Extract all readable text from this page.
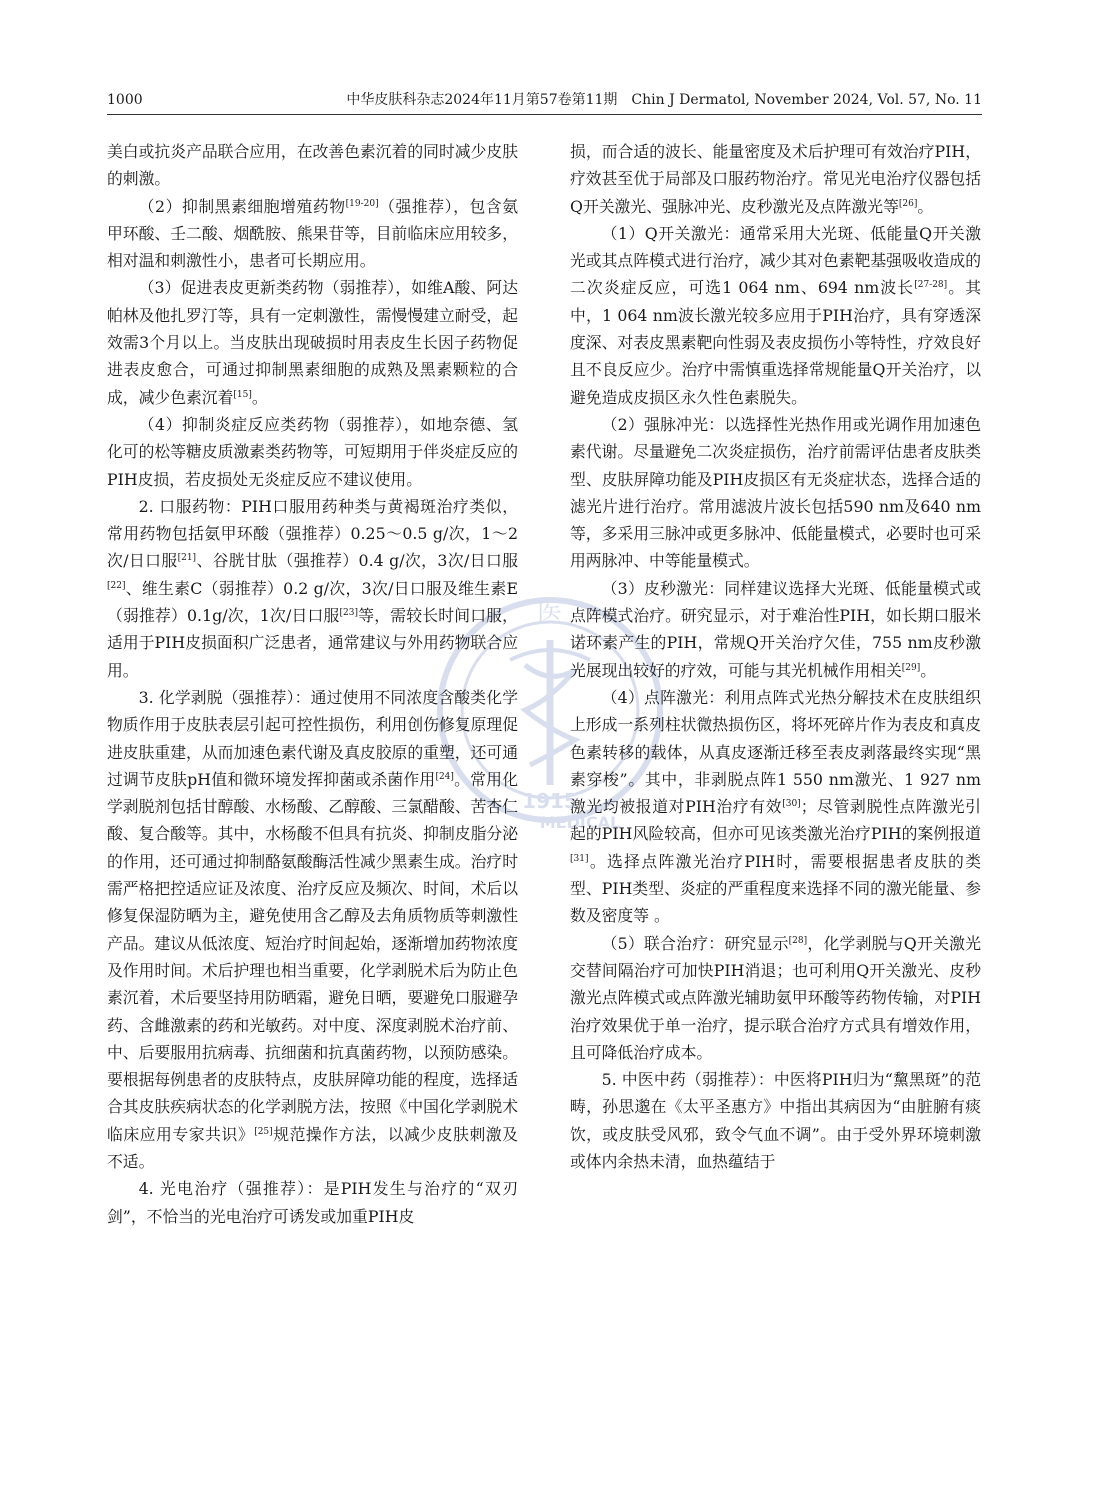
1000	中华皮肤科杂志2024年11月第57卷第11期　Chin J Dermatol, November 2024, Vol. 57, No. 11
医
1915
MEDICAL

美白或抗炎产品联合应用，在改善色素沉着的同时减少皮肤的刺激。

（2）抑制黑素细胞增殖药物[19-20]（强推荐），包含氨甲环酸、壬二酸、烟酰胺、熊果苷等，目前临床应用较多，相对温和刺激性小，患者可长期应用。

（3）促进表皮更新类药物（弱推荐），如维A酸、阿达帕林及他扎罗汀等，具有一定刺激性，需慢慢建立耐受，起效需3个月以上。当皮肤出现破损时用表皮生长因子药物促进表皮愈合，可通过抑制黑素细胞的成熟及黑素颗粒的合成，减少色素沉着[15]。

（4）抑制炎症反应类药物（弱推荐），如地奈德、氢化可的松等糖皮质激素类药物等，可短期用于伴炎症反应的PIH皮损，若皮损处无炎症反应不建议使用。

2. 口服药物：PIH口服用药种类与黄褐斑治疗类似，常用药物包括氨甲环酸（强推荐）0.25～0.5 g/次，1～2次/日口服[21]、谷胱甘肽（强推荐）0.4 g/次，3次/日口服[22]、维生素C（弱推荐）0.2 g/次，3次/日口服及维生素E（弱推荐）0.1g/次，1次/日口服[23]等，需较长时间口服，适用于PIH皮损面积广泛患者，通常建议与外用药物联合应用。

3. 化学剥脱（强推荐）：通过使用不同浓度含酸类化学物质作用于皮肤表层引起可控性损伤，利用创伤修复原理促进皮肤重建，从而加速色素代谢及真皮胶原的重塑，还可通过调节皮肤pH值和微环境发挥抑菌或杀菌作用[24]。常用化学剥脱剂包括甘醇酸、水杨酸、乙醇酸、三氯醋酸、苦杏仁酸、复合酸等。其中，水杨酸不但具有抗炎、抑制皮脂分泌的作用，还可通过抑制酪氨酸酶活性减少黑素生成。治疗时需严格把控适应证及浓度、治疗反应及频次、时间，术后以修复保湿防晒为主，避免使用含乙醇及去角质物质等刺激性产品。建议从低浓度、短治疗时间起始，逐渐增加药物浓度及作用时间。术后护理也相当重要，化学剥脱术后为防止色素沉着，术后要坚持用防晒霜，避免日晒，要避免口服避孕药、含雌激素的药和光敏药。对中度、深度剥脱术治疗前、中、后要服用抗病毒、抗细菌和抗真菌药物，以预防感染。要根据每例患者的皮肤特点，皮肤屏障功能的程度，选择适合其皮肤疾病状态的化学剥脱方法，按照《中国化学剥脱术临床应用专家共识》[25]规范操作方法，以减少皮肤刺激及不适。

4. 光电治疗（强推荐）：是PIH发生与治疗的“双刃剑”，不恰当的光电治疗可诱发或加重PIH皮

损，而合适的波长、能量密度及术后护理可有效治疗PIH，疗效甚至优于局部及口服药物治疗。常见光电治疗仪器包括Q开关激光、强脉冲光、皮秒激光及点阵激光等[26]。

（1）Q开关激光：通常采用大光斑、低能量Q开关激光或其点阵模式进行治疗，减少其对色素靶基强吸收造成的二次炎症反应，可选1 064 nm、694 nm波长[27-28]。其中，1 064 nm波长激光较多应用于PIH治疗，具有穿透深度深、对表皮黑素靶向性弱及表皮损伤小等特性，疗效良好且不良反应少。治疗中需慎重选择常规能量Q开关治疗，以避免造成皮损区永久性色素脱失。

（2）强脉冲光：以选择性光热作用或光调作用加速色素代谢。尽量避免二次炎症损伤，治疗前需评估患者皮肤类型、皮肤屏障功能及PIH皮损区有无炎症状态，选择合适的滤光片进行治疗。常用滤波片波长包括590 nm及640 nm等，多采用三脉冲或更多脉冲、低能量模式，必要时也可采用两脉冲、中等能量模式。

（3）皮秒激光：同样建议选择大光斑、低能量模式或点阵模式治疗。研究显示，对于难治性PIH，如长期口服米诺环素产生的PIH，常规Q开关治疗欠佳，755 nm皮秒激光展现出较好的疗效，可能与其光机械作用相关[29]。

（4）点阵激光：利用点阵式光热分解技术在皮肤组织上形成一系列柱状微热损伤区，将坏死碎片作为表皮和真皮色素转移的载体，从真皮逐渐迁移至表皮剥落最终实现“黑素穿梭”。其中，非剥脱点阵1 550 nm激光、1 927 nm激光均被报道对PIH治疗有效[30]；尽管剥脱性点阵激光引起的PIH风险较高，但亦可见该类激光治疗PIH的案例报道[31]。选择点阵激光治疗PIH时，需要根据患者皮肤的类型、PIH类型、炎症的严重程度来选择不同的激光能量、参数及密度等 。

（5）联合治疗：研究显示[28]，化学剥脱与Q开关激光交替间隔治疗可加快PIH消退；也可利用Q开关激光、皮秒激光点阵模式或点阵激光辅助氨甲环酸等药物传输，对PIH治疗效果优于单一治疗，提示联合治疗方式具有增效作用，且可降低治疗成本。

5. 中医中药（弱推荐）：中医将PIH归为“黧黑斑”的范畴，孙思邈在《太平圣惠方》中指出其病因为“由脏腑有痰饮，或皮肤受风邪，致令气血不调”。由于受外界环境刺激或体内余热未清，血热蕴结于
